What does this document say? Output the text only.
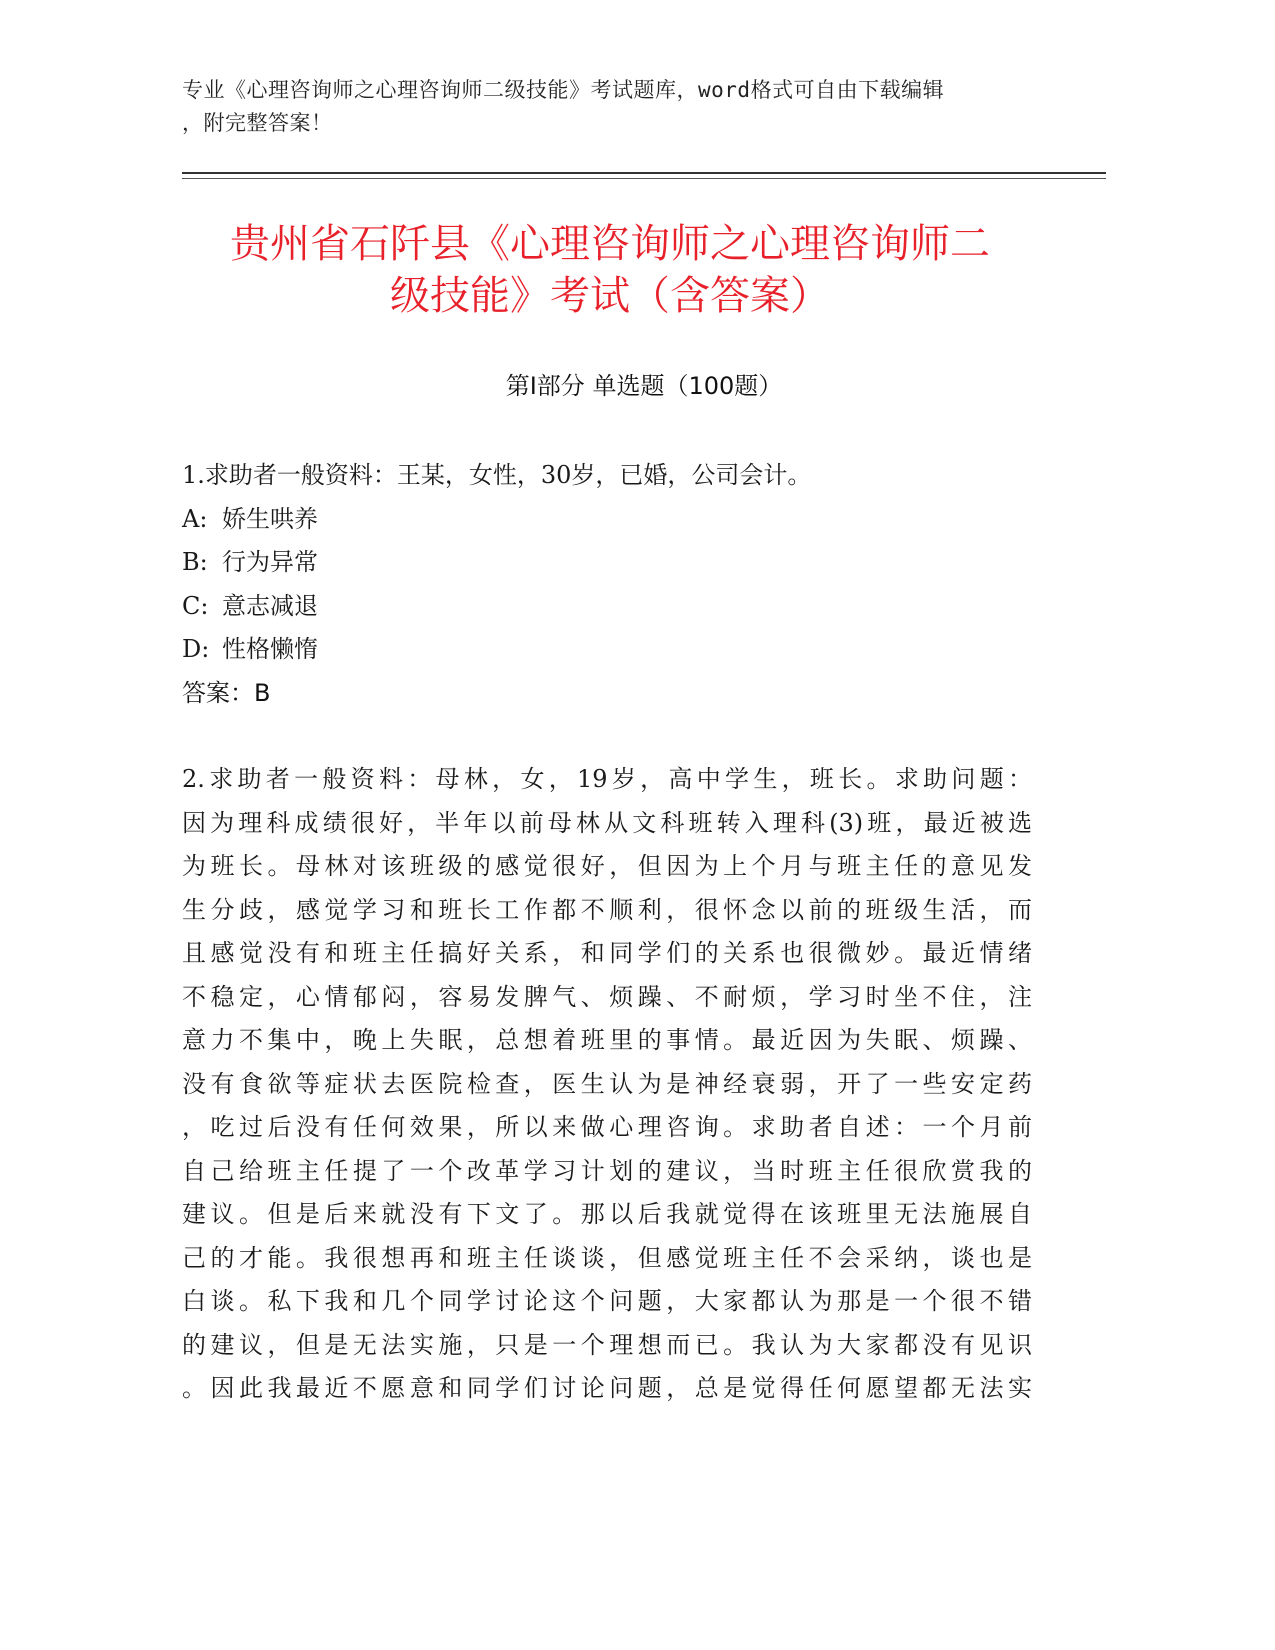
专业《心理咨询师之心理咨询师二级技能》考试题库，word格式可自由下载编辑
，附完整答案！
贵州省石阡县《心理咨询师之心理咨询师二
级技能》考试（含答案）
第Ⅰ部分 单选题（100题）
1.求助者一般资料：王某，女性，30岁，已婚，公司会计。
A: 娇生哄养
B: 行为异常
C: 意志减退
D: 性格懒惰
答案：B
2.求助者一般资料：母林，女，19岁，高中学生，班长。求助问题：
因为理科成绩很好，半年以前母林从文科班转入理科(3)班，最近被选
为班长。母林对该班级的感觉很好，但因为上个月与班主任的意见发
生分歧，感觉学习和班长工作都不顺利，很怀念以前的班级生活，而
且感觉没有和班主任搞好关系，和同学们的关系也很微妙。最近情绪
不稳定，心情郁闷，容易发脾气、烦躁、不耐烦，学习时坐不住，注
意力不集中，晚上失眠，总想着班里的事情。最近因为失眠、烦躁、
没有食欲等症状去医院检查，医生认为是神经衰弱，开了一些安定药
，吃过后没有任何效果，所以来做心理咨询。求助者自述：一个月前
自己给班主任提了一个改革学习计划的建议，当时班主任很欣赏我的
建议。但是后来就没有下文了。那以后我就觉得在该班里无法施展自
己的才能。我很想再和班主任谈谈，但感觉班主任不会采纳，谈也是
白谈。私下我和几个同学讨论这个问题，大家都认为那是一个很不错
的建议，但是无法实施，只是一个理想而已。我认为大家都没有见识
。因此我最近不愿意和同学们讨论问题，总是觉得任何愿望都无法实
